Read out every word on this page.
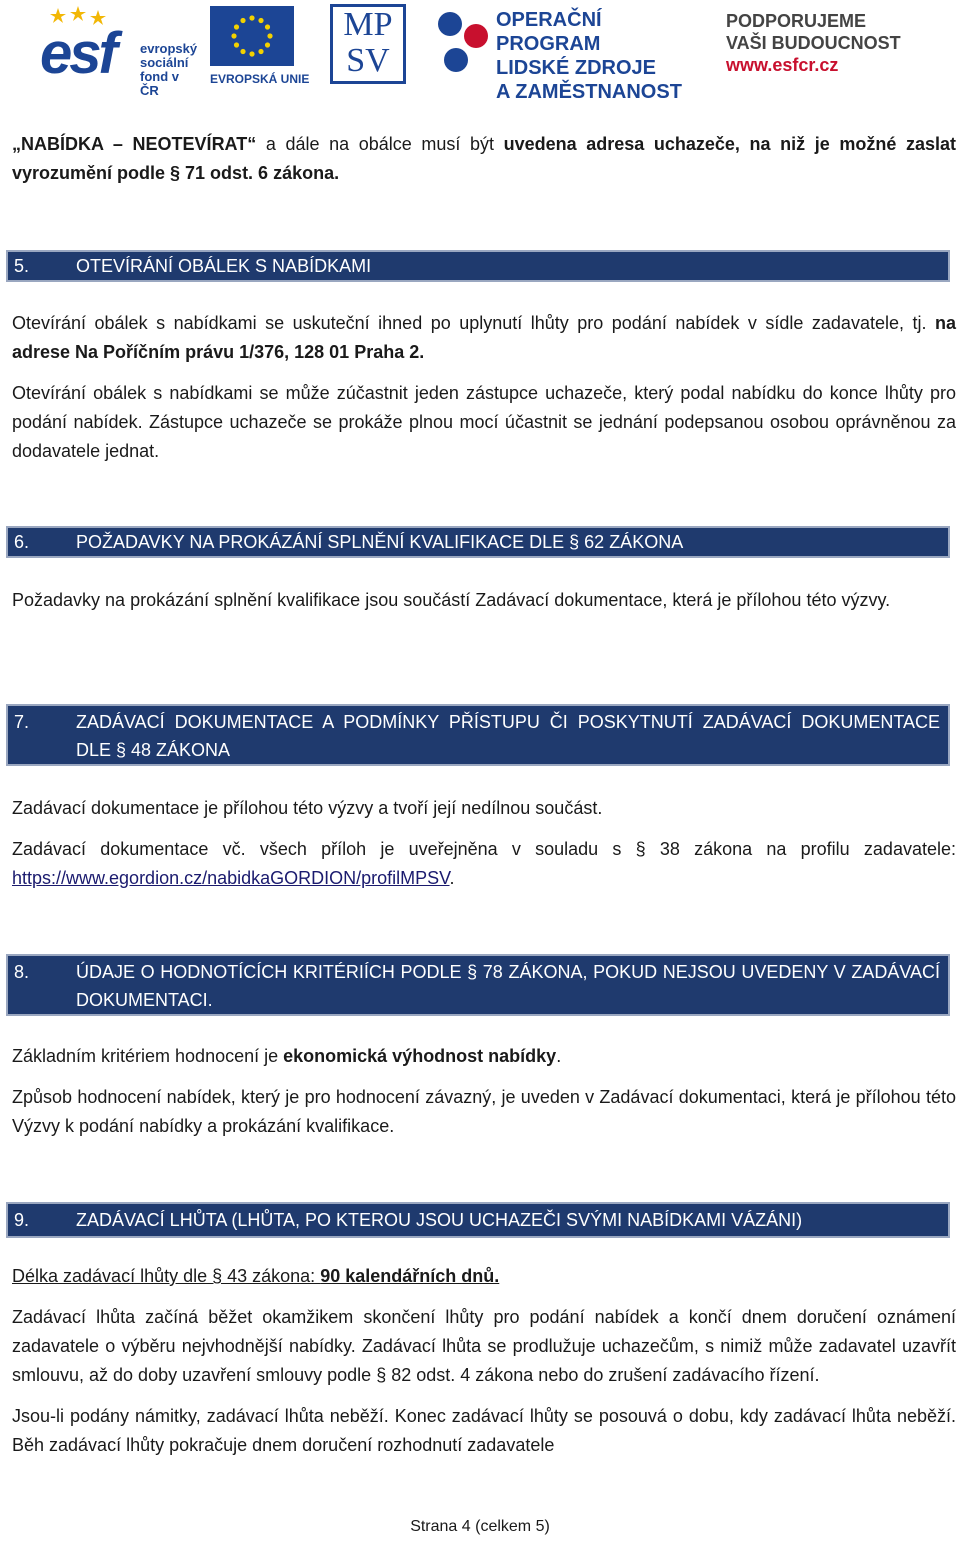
esf evropský
sociální
fond v ČR
EVROPSKÁ UNIE
MP
SV
OPERAČNÍ PROGRAM
LIDSKÉ ZDROJE
A ZAMĚSTNANOST
PODPORUJEME
VAŠI BUDOUCNOST
www.esfcr.cz

„NABÍDKA – NEOTEVÍRAT“ a dále na obálce musí být uvedena adresa uchazeče, na niž je možné zaslat vyrozumění podle § 71 odst. 6 zákona.

5.	OTEVÍRÁNÍ OBÁLEK S NABÍDKAMI

Otevírání obálek s nabídkami se uskuteční ihned po uplynutí lhůty pro podání nabídek v sídle zadavatele, tj. na adrese Na Poříčním právu 1/376, 128 01 Praha 2.

Otevírání obálek s nabídkami se může zúčastnit jeden zástupce uchazeče, který podal nabídku do konce lhůty pro podání nabídek. Zástupce uchazeče se prokáže plnou mocí účastnit se jednání podepsanou osobou oprávněnou za dodavatele jednat.

6.	POŽADAVKY NA PROKÁZÁNÍ SPLNĚNÍ KVALIFIKACE DLE § 62 ZÁKONA

Požadavky na prokázání splnění kvalifikace jsou součástí Zadávací dokumentace, která je přílohou této výzvy.

7.	ZADÁVACÍ DOKUMENTACE A PODMÍNKY PŘÍSTUPU ČI POSKYTNUTÍ ZADÁVACÍ DOKUMENTACE DLE § 48 ZÁKONA

Zadávací dokumentace je přílohou této výzvy a tvoří její nedílnou součást.

Zadávací dokumentace vč. všech příloh je uveřejněna v souladu s § 38 zákona na profilu zadavatele: https://www.egordion.cz/nabidkaGORDION/profilMPSV.

8.	ÚDAJE O HODNOTÍCÍCH KRITÉRIÍCH PODLE § 78 ZÁKONA, POKUD NEJSOU UVEDENY V ZADÁVACÍ DOKUMENTACI.

Základním kritériem hodnocení je ekonomická výhodnost nabídky.

Způsob hodnocení nabídek, který je pro hodnocení závazný, je uveden v Zadávací dokumentaci, která je přílohou této Výzvy k podání nabídky a prokázání kvalifikace.

9.	ZADÁVACÍ LHŮTA (LHŮTA, PO KTEROU JSOU UCHAZEČI SVÝMI NABÍDKAMI VÁZÁNI)

Délka zadávací lhůty dle § 43 zákona: 90 kalendářních dnů.

Zadávací lhůta začíná běžet okamžikem skončení lhůty pro podání nabídek a končí dnem doručení oznámení zadavatele o výběru nejvhodnější nabídky. Zadávací lhůta se prodlužuje uchazečům, s nimiž může zadavatel uzavřít smlouvu, až do doby uzavření smlouvy podle § 82 odst. 4 zákona nebo do zrušení zadávacího řízení.

Jsou-li podány námitky, zadávací lhůta neběží. Konec zadávací lhůty se posouvá o dobu, kdy zadávací lhůta neběží. Běh zadávací lhůty pokračuje dnem doručení rozhodnutí zadavatele

Strana 4 (celkem 5)
